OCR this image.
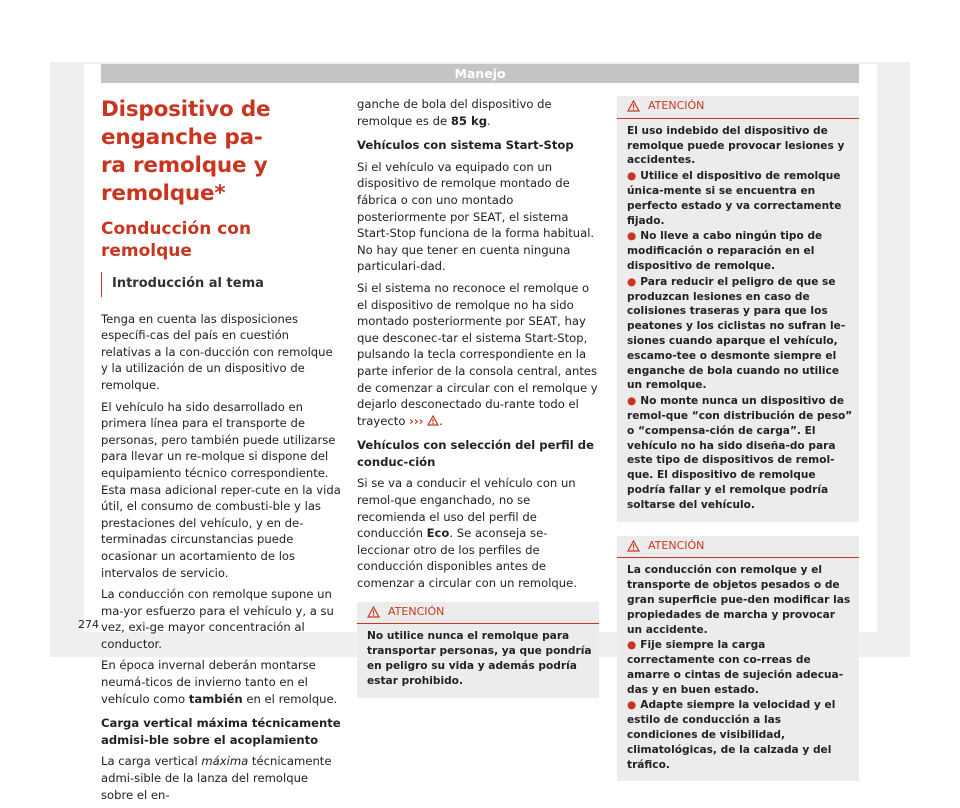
Manejo
Dispositivo de enganche pa-
ra remolque y remolque*
Conducción con remolque
Introducción al tema

Tenga en cuenta las disposiciones específi-cas del país en cuestión relativas a la con-ducción con remolque y la utilización de un dispositivo de remolque.

El vehículo ha sido desarrollado en primera línea para el transporte de personas, pero también puede utilizarse para llevar un re-molque si dispone del equipamiento técnico correspondiente. Esta masa adicional reper-cute en la vida útil, el consumo de combusti-ble y las prestaciones del vehículo, y en de-terminadas circunstancias puede ocasionar un acortamiento de los intervalos de servicio.

La conducción con remolque supone un ma-yor esfuerzo para el vehículo y, a su vez, exi-ge mayor concentración al conductor.

En época invernal deberán montarse neumá-ticos de invierno tanto en el vehículo como también en el remolque.

Carga vertical máxima técnicamente admisi-ble sobre el acoplamiento

La carga vertical máxima técnicamente admi-sible de la lanza del remolque sobre el en-

ganche de bola del dispositivo de remolque es de 85 kg.

Vehículos con sistema Start-Stop

Si el vehículo va equipado con un dispositivo de remolque montado de fábrica o con uno montado posteriormente por SEAT, el sistema Start-Stop funciona de la forma habitual. No hay que tener en cuenta ninguna particulari-dad.

Si el sistema no reconoce el remolque o el dispositivo de remolque no ha sido montado posteriormente por SEAT, hay que desconec-tar el sistema Start-Stop, pulsando la tecla correspondiente en la parte inferior de la consola central, antes de comenzar a circular con el remolque y dejarlo desconectado du-rante todo el trayecto ››› .

Vehículos con selección del perfil de conduc-ción

Si se va a conducir el vehículo con un remol-que enganchado, no se recomienda el uso del perfil de conducción Eco. Se aconseja se-leccionar otro de los perfiles de conducción disponibles antes de comenzar a circular con un remolque.

ATENCIÓN

No utilice nunca el remolque para transportar personas, ya que pondría en peligro su vida y además podría estar prohibido.

ATENCIÓN

El uso indebido del dispositivo de remolque puede provocar lesiones y accidentes.

● Utilice el dispositivo de remolque única-mente si se encuentra en perfecto estado y va correctamente fijado.

● No lleve a cabo ningún tipo de modificación o reparación en el dispositivo de remolque.

● Para reducir el peligro de que se produzcan lesiones en caso de colisiones traseras y para que los peatones y los ciclistas no sufran le-siones cuando aparque el vehículo, escamo-tee o desmonte siempre el enganche de bola cuando no utilice un remolque.

● No monte nunca un dispositivo de remol-que “con distribución de peso” o “compensa-ción de carga”. El vehículo no ha sido diseña-do para este tipo de dispositivos de remol-que. El dispositivo de remolque podría fallar y el remolque podría soltarse del vehículo.

ATENCIÓN

La conducción con remolque y el transporte de objetos pesados o de gran superficie pue-den modificar las propiedades de marcha y provocar un accidente.

● Fije siempre la carga correctamente con co-rreas de amarre o cintas de sujeción adecua-das y en buen estado.

● Adapte siempre la velocidad y el estilo de conducción a las condiciones de visibilidad, climatológicas, de la calzada y del tráfico.

274
